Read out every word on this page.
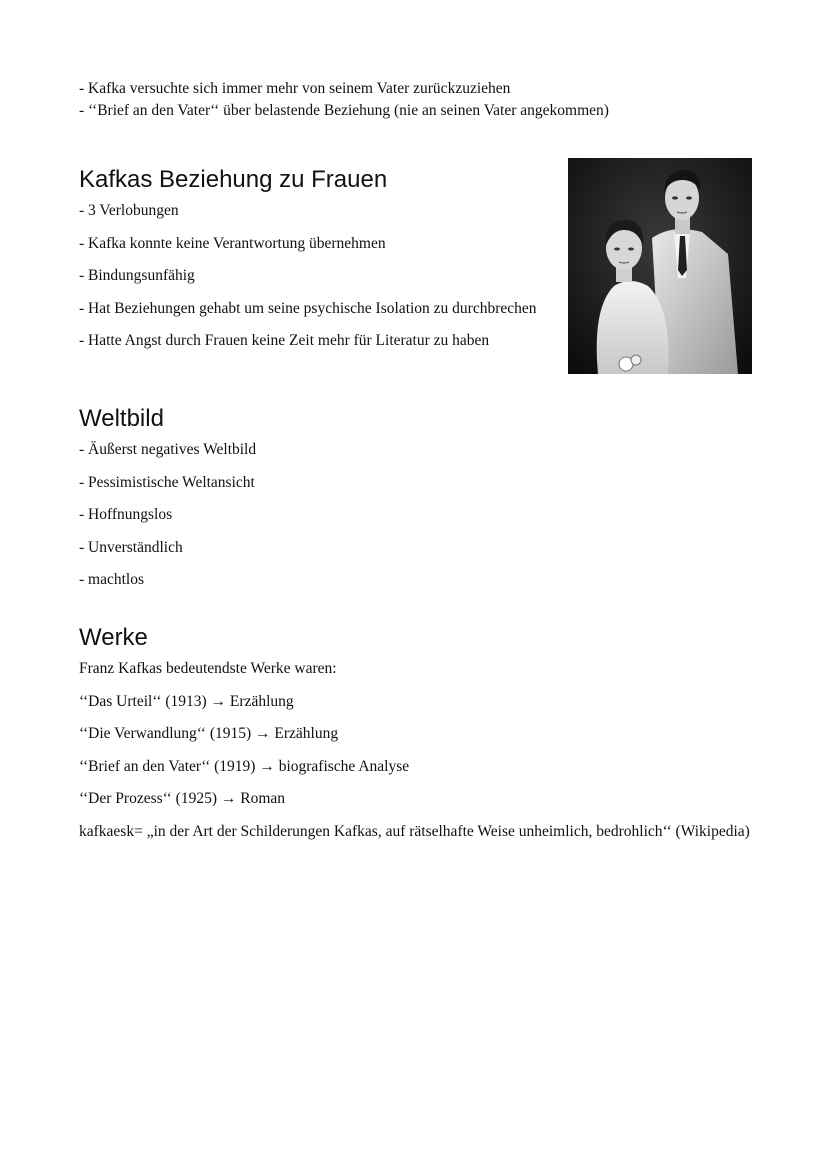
- Kafka versuchte sich immer mehr von seinem Vater zurückzuziehen

- ‘‘Brief an den Vater‘‘ über belastende Beziehung (nie an seinen Vater angekommen)

Kafkas Beziehung zu Frauen

- 3 Verlobungen

- Kafka konnte keine Verantwortung übernehmen

- Bindungsunfähig

- Hat Beziehungen gehabt um seine psychische Isolation zu durchbrechen

- Hatte Angst durch Frauen keine Zeit mehr für Literatur zu haben

Weltbild

- Äußerst negatives Weltbild

- Pessimistische Weltansicht

- Hoffnungslos

- Unverständlich

- machtlos

Werke

Franz Kafkas bedeutendste Werke waren:

‘‘Das Urteil‘‘ (1913) → Erzählung

‘‘Die Verwandlung‘‘ (1915) → Erzählung

‘‘Brief an den Vater‘‘ (1919) → biografische Analyse

‘‘Der Prozess‘‘ (1925) → Roman

kafkaesk= „in der Art der Schilderungen Kafkas, auf rätselhafte Weise unheimlich, bedrohlich‘‘ (Wikipedia)
